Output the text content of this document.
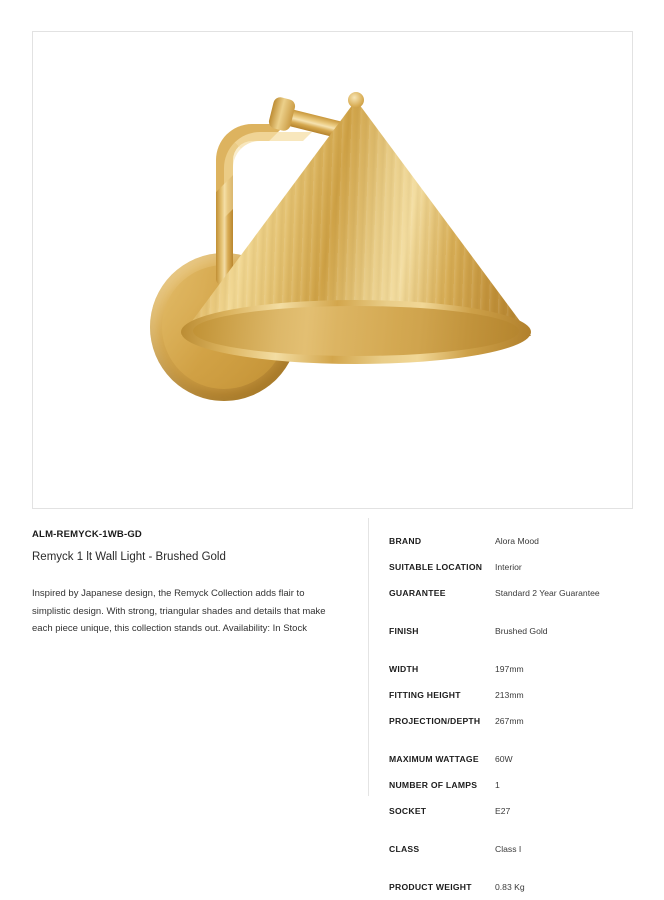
ALM-REMYCK-1WB-GD

Remyck 1 lt Wall Light - Brushed Gold

Inspired by Japanese design, the Remyck Collection adds flair to simplistic design. With strong, triangular shades and details that make each piece unique, this collection stands out. Availability: In Stock

BRAND	Alora Mood
SUITABLE LOCATION	Interior
GUARANTEE	Standard 2 Year Guarantee
FINISH	Brushed Gold
WIDTH	197mm
FITTING HEIGHT	213mm
PROJECTION/DEPTH	267mm
MAXIMUM WATTAGE	60W
NUMBER OF LAMPS	1
SOCKET	E27
CLASS	Class I
PRODUCT WEIGHT	0.83 Kg
